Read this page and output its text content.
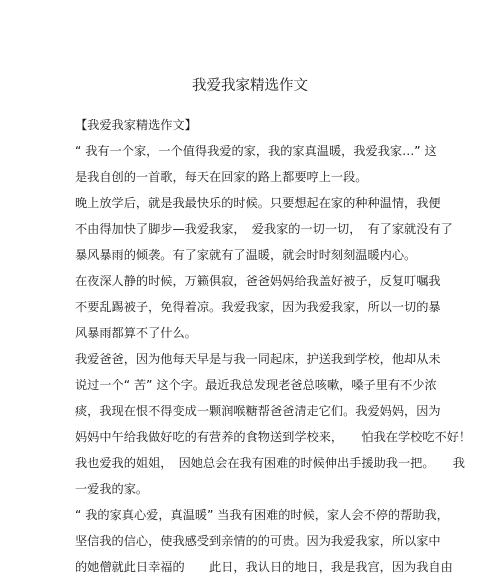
我爱我家精选作文
【我爱我家精选作文】
“ 我有一个家，一个值得我爱的家，我的家真温暖，我爱我家…” 这
是我自创的一首歌，每天在回家的路上都要哼上一段。
晚上放学后，就是我最快乐的时候。只要想起在家的种种温情，我便
不由得加快了脚步—我爱我家，　爱我家的一切一切，　有了家就没有了
暴风暴雨的倾袭。有了家就有了温暖，就会时时刻刻温暖内心。
在夜深人静的时候，万籁俱寂，爸爸妈妈给我盖好被子，反复叮嘱我
不要乱踢被子，免得着凉。我爱我家，因为我爱我家，所以一切的暴
风暴雨都算不了什么。
我爱爸爸，因为他每天早是与我一同起床，护送我到学校，他却从未
说过一个“ 苦” 这个字。最近我总发现老爸总咳嗽，嗓子里有不少浓
痰，我现在恨不得变成一颗润喉糖帮爸爸清走它们。我爱妈妈，因为
妈妈中午给我做好吃的有营养的食物送到学校来，　　怕我在学校吃不好！
我也爱我的姐姐，　因她总会在我有困难的时候伸出手援助我一把。　　我
一爱我的家。
“ 我的家真心爱，真温暖” 当我有困难的时候，家人会不停的帮助我，
坚信我的信心，使我感受到亲情的的可贵。因为我爱我家，所以家中
的她僧就此日幸福的　　此日，我认日的地日，我是我宫，因为我自由
